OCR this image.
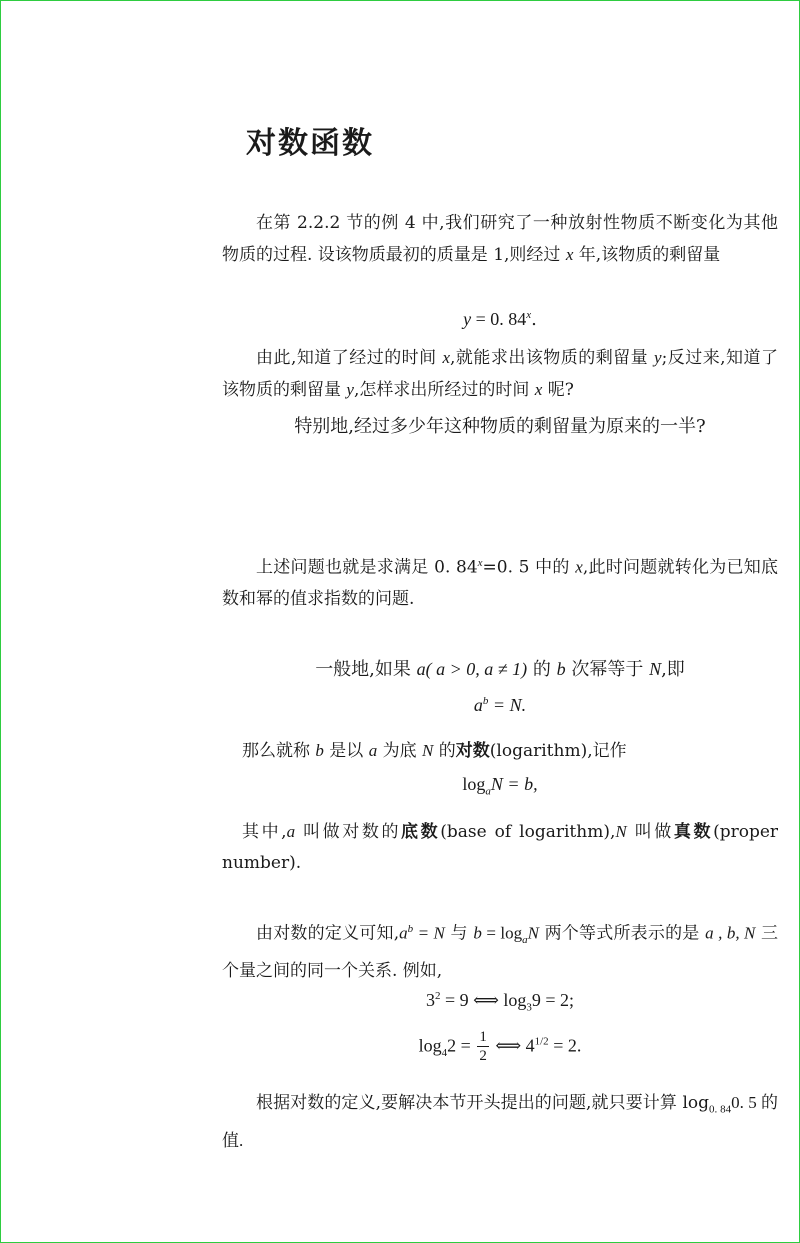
对数函数

在第 2.2.2 节的例 4 中,我们研究了一种放射性物质不断变化为其他物质的过程. 设该物质最初的质量是 1,则经过 x 年,该物质的剩留量

y = 0. 84$^x$.

由此,知道了经过的时间 x,就能求出该物质的剩留量 y;反过来,知道了该物质的剩留量 y,怎样求出所经过的时间 x 呢?

特别地,经过多少年这种物质的剩留量为原来的一半?

上述问题也就是求满足 0. $84^x=0$. 5 中的 x,此时问题就转化为已知底数和幂的值求指数的问题.

一般地,如果 a( a > 0, a ≠ 1) 的 b 次幂等于 N,即

$a^b = N$.

那么就称 b 是以 a 为底 N 的对数(logarithm),记作

$\log_aN = b$,

其中,a 叫做对数的底数(base of logarithm),N 叫做真数(proper number).

由对数的定义可知$,a^b = N$ 与 $b = \log_aN$ 两个等式所表示的是 a , b, N 三个量之间的同一个关系. 例如,

$3^2 = 9$ ⟺ $\log_39 = 2$;

$\log_42 = \frac{1}{2}$ ⟺ $4^{1/2} = 2$.

根据对数的定义,要解决本节开头提出的问题,就只要计算 $\log_{0. 84}0$. 5 的值.
